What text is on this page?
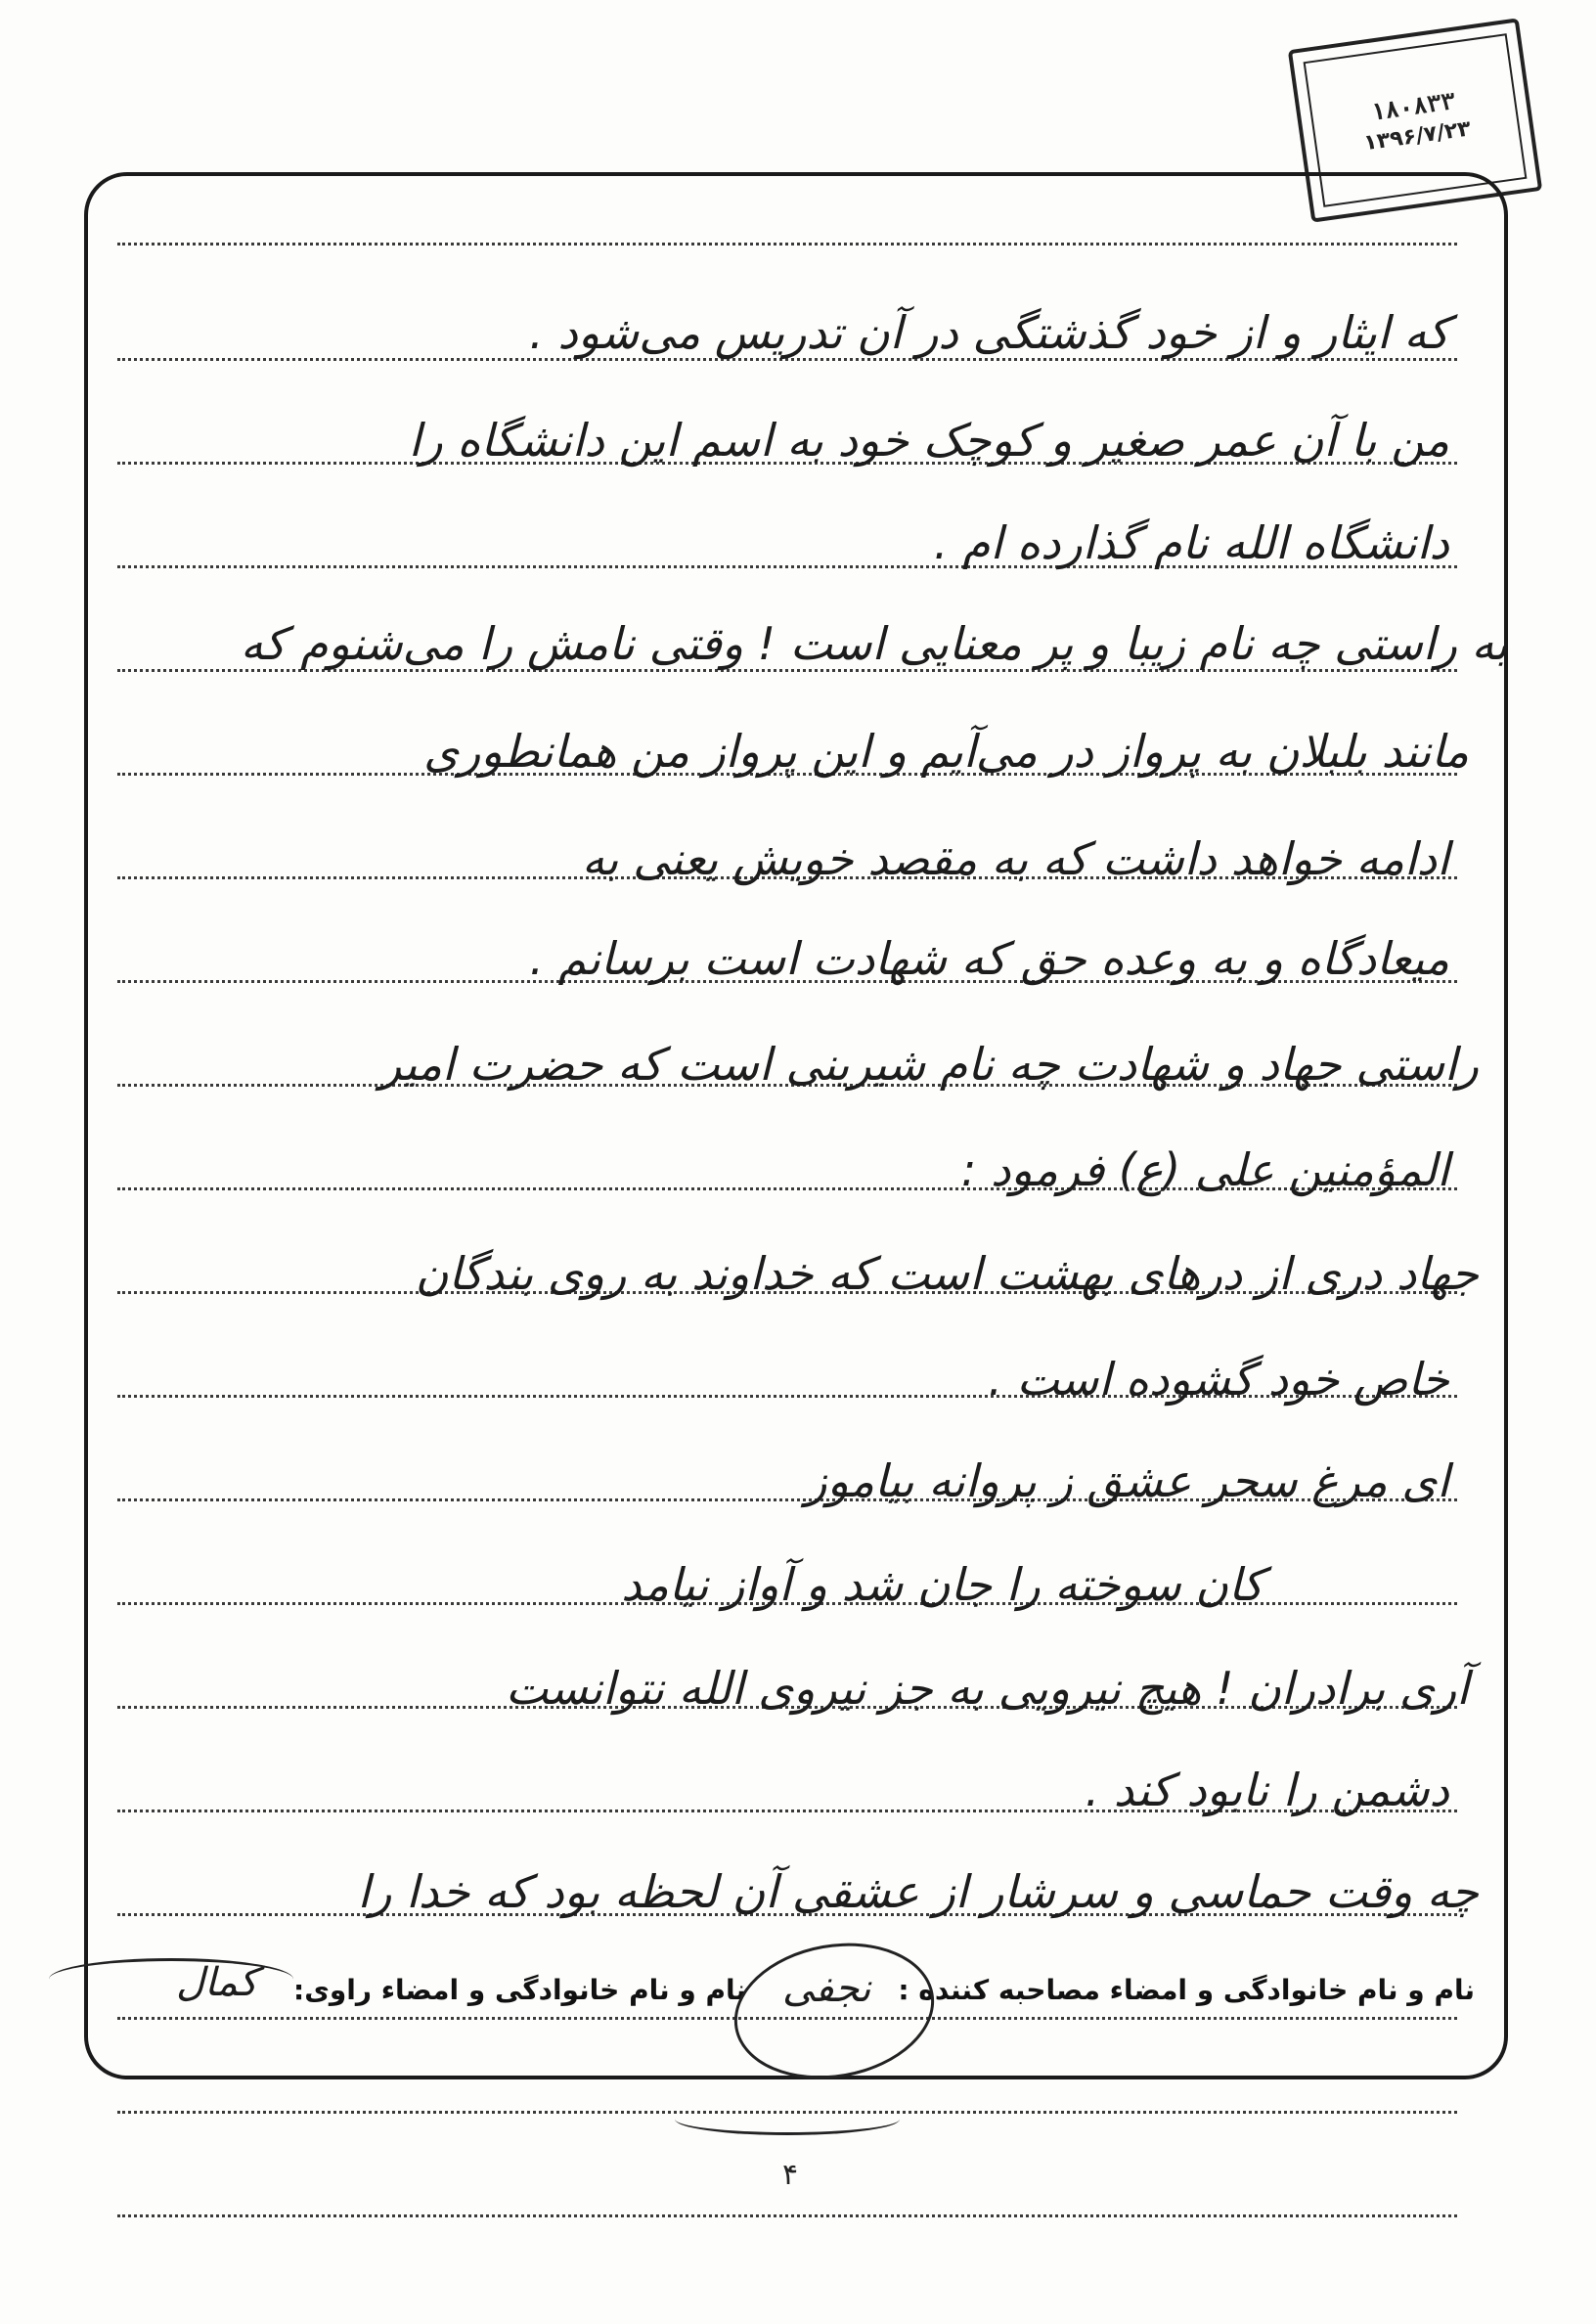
۱۸۰۸۳۳
۱۳۹۶/۷/۲۳
که ایثار و از خود گذشتگی در آن تدریس می‌شود .
من با آن عمر صغیر و کوچک خود به اسم این دانشگاه را
دانشگاه الله نام گذارده ام .
به راستی چه نام زیبا و پر معنایی است ! وقتی نامش را می‌شنوم که
مانند بلبلان به پرواز در می‌آیم و این پرواز من همانطوری
ادامه خواهد داشت که به مقصد خویش یعنی به
میعادگاه و به وعده حق که شهادت است برسانم .
راستی جهاد و شهادت چه نام شیرینی است که حضرت امیر
المؤمنین علی (ع) فرمود :
جهاد دری از درهای بهشت است که خداوند به روی بندگان
خاص خود گشوده است .
ای مرغ سحر عشق ز پروانه بیاموز
کان سوخته را جان شد و آواز نیامد
آری برادران ! هیچ نیرویی به جز نیروی الله نتوانست
دشمن را نابود کند .
چه وقت حماسی و سرشار از عشقی آن لحظه بود که خدا را
نام و نام خانوادگی و امضاء مصاحبه کننده :
نام و نام خانوادگی و امضاء راوی: نجفی
کمال
۴
